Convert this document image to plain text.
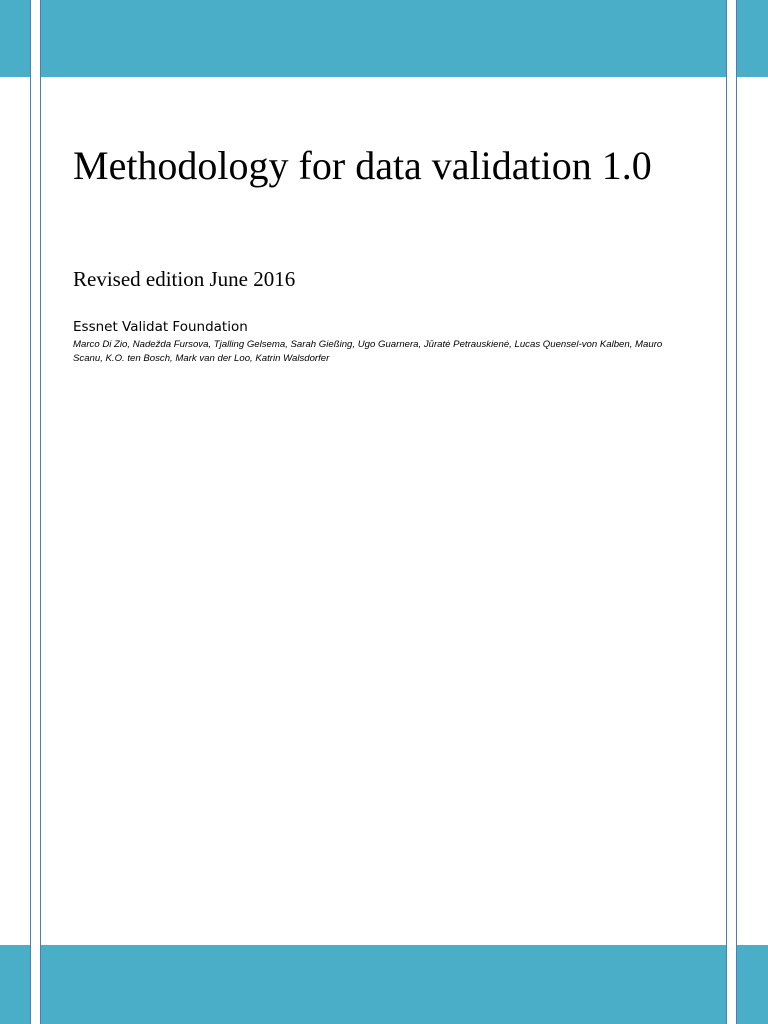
Methodology for data validation 1.0

Revised edition June 2016

Essnet Validat Foundation

Marco Di Zio, Nadežda Fursova, Tjalling Gelsema, Sarah Gießing, Ugo Guarnera, Jūratė Petrauskienė, Lucas Quensel-von Kalben, Mauro Scanu, K.O. ten Bosch, Mark van der Loo, Katrin Walsdorfer
